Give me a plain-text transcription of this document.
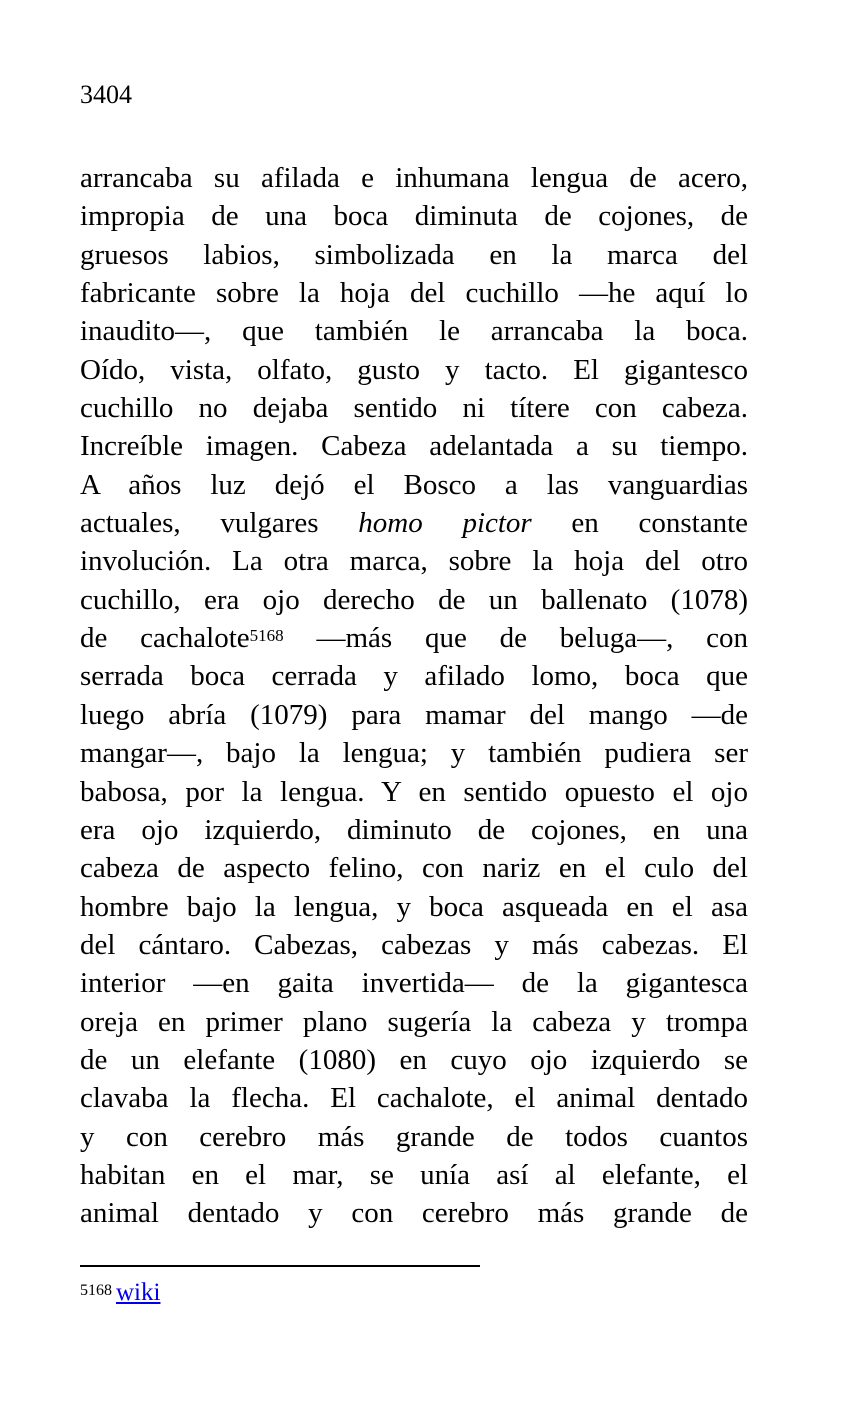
3404
arrancaba su afilada e inhumana lengua de acero,
impropia de una boca diminuta de cojones, de
gruesos labios, simbolizada en la marca del
fabricante sobre la hoja del cuchillo —he aquí lo
inaudito—, que también le arrancaba la boca.
Oído, vista, olfato, gusto y tacto. El gigantesco
cuchillo no dejaba sentido ni títere con cabeza.
Increíble imagen. Cabeza adelantada a su tiempo.
A años luz dejó el Bosco a las vanguardias
actuales, vulgares homo pictor en constante
involución. La otra marca, sobre la hoja del otro
cuchillo, era ojo derecho de un ballenato (1078)
de cachalote$^{5168}$ —más que de beluga—, con
serrada boca cerrada y afilado lomo, boca que
luego abría (1079) para mamar del mango —de
mangar—, bajo la lengua; y también pudiera ser
babosa, por la lengua. Y en sentido opuesto el ojo
era ojo izquierdo, diminuto de cojones, en una
cabeza de aspecto felino, con nariz en el culo del
hombre bajo la lengua, y boca asqueada en el asa
del cántaro. Cabezas, cabezas y más cabezas. El
interior —en gaita invertida— de la gigantesca
oreja en primer plano sugería la cabeza y trompa
de un elefante (1080) en cuyo ojo izquierdo se
clavaba la flecha. El cachalote, el animal dentado
y con cerebro más grande de todos cuantos
habitan en el mar, se unía así al elefante, el
animal dentado y con cerebro más grande de
$^{5168}$ wiki
